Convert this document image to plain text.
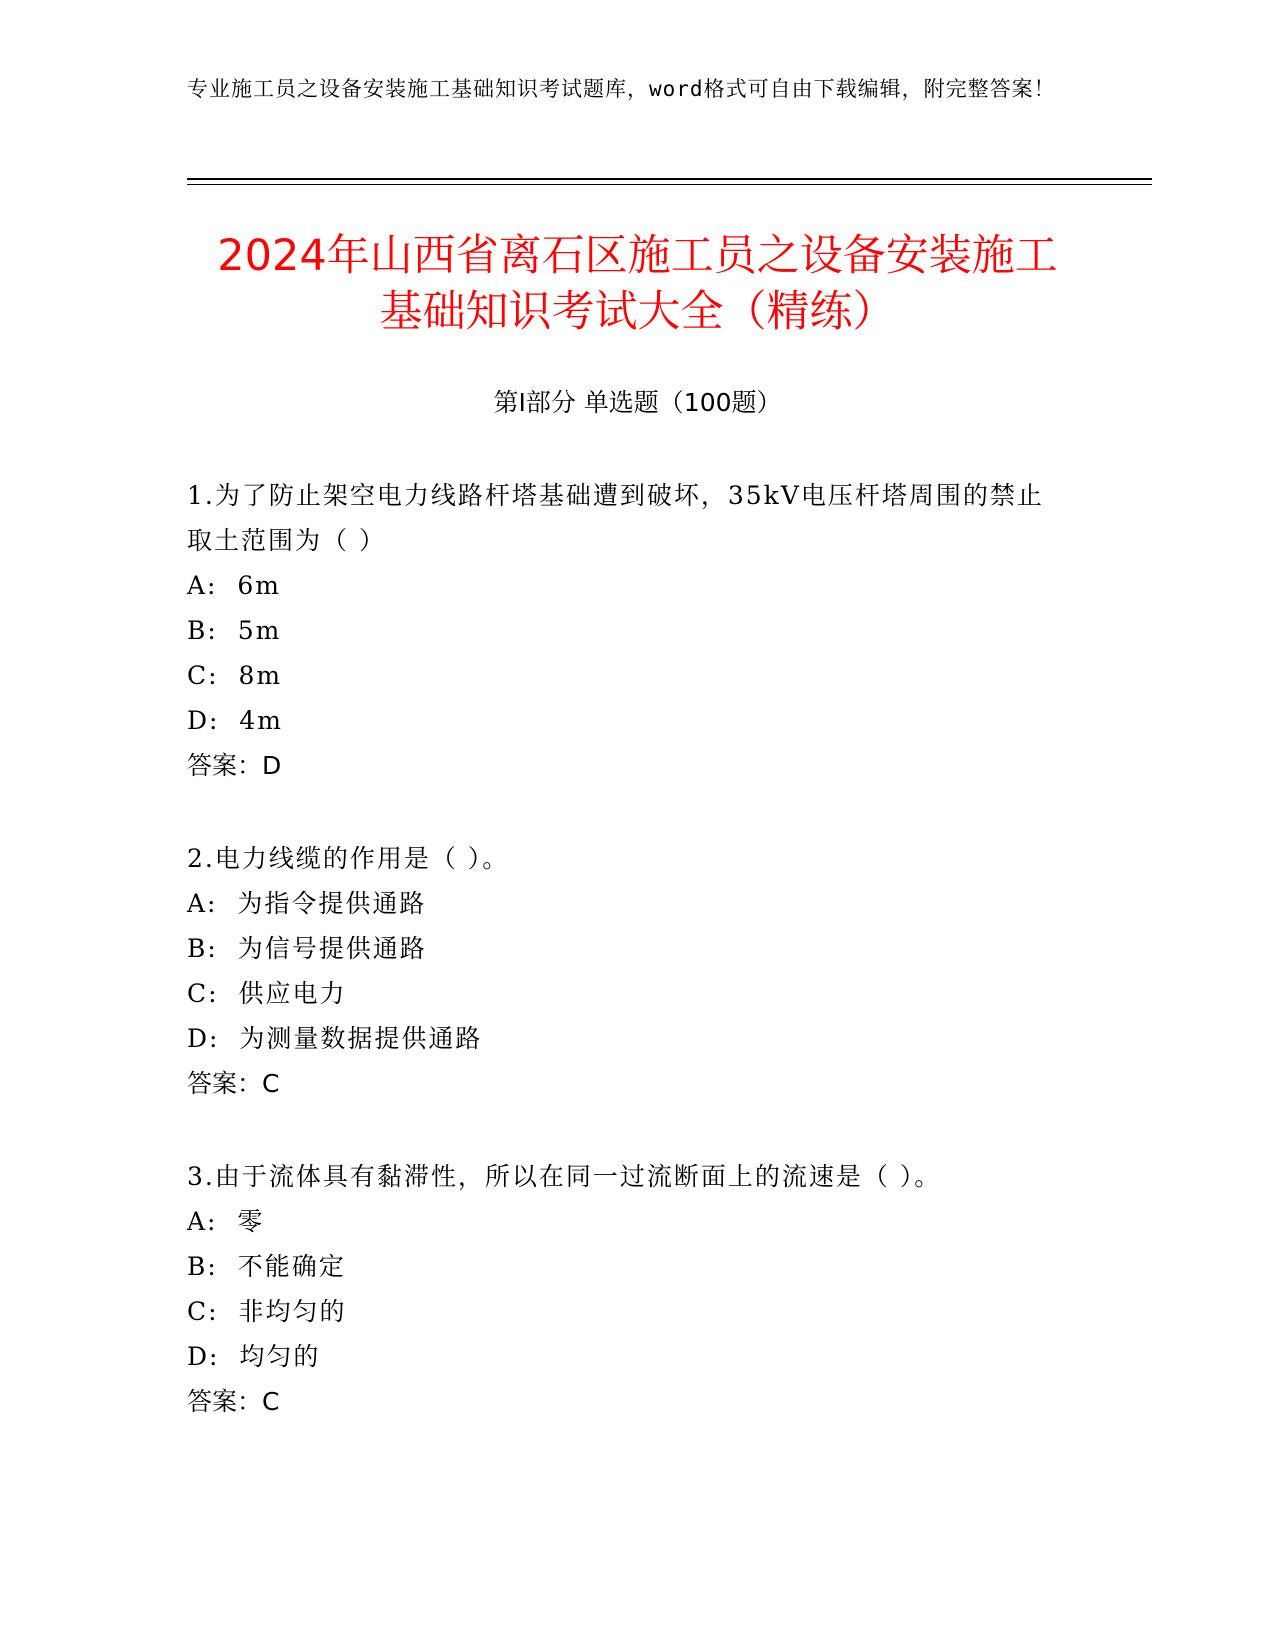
专业施工员之设备安装施工基础知识考试题库，word格式可自由下载编辑，附完整答案！

2024年山西省离石区施工员之设备安装施工
基础知识考试大全（精练）
第Ⅰ部分 单选题（100题）

1.为了防止架空电力线路杆塔基础遭到破坏，35kV电压杆塔周围的禁止取土范围为（ ）

A:  6m

B:  5m

C:  8m

D:  4m

答案：D

2.电力线缆的作用是（ ）。

A:  为指令提供通路

B:  为信号提供通路

C:  供应电力

D:  为测量数据提供通路

答案：C

3.由于流体具有黏滞性，所以在同一过流断面上的流速是（ ）。

A:  零

B:  不能确定

C:  非均匀的

D:  均匀的

答案：C
